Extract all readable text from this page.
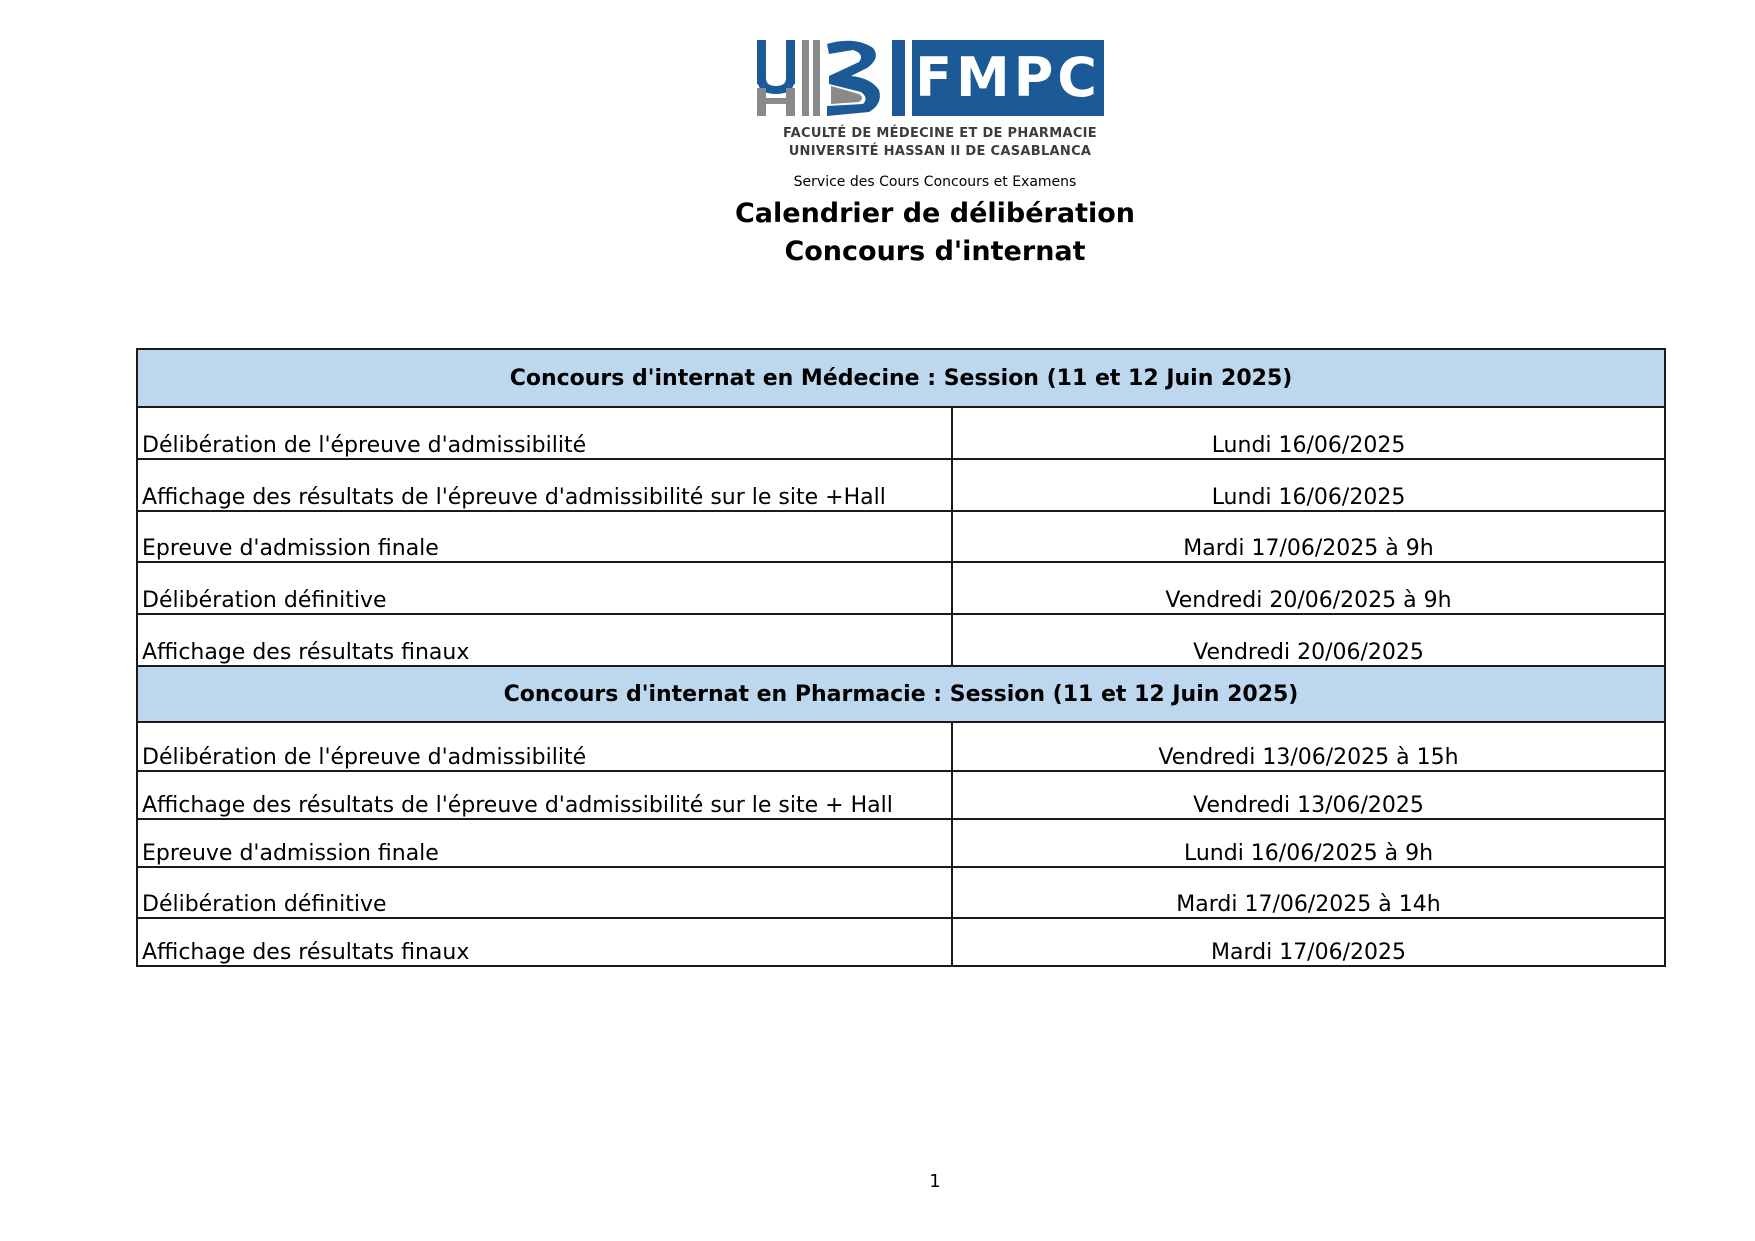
FMPC
FACULTÉ DE MÉDECINE ET DE PHARMACIE
UNIVERSITÉ HASSAN II DE CASABLANCA
Service des Cours Concours et Examens
Calendrier de délibération
Concours d'internat
Concours d'internat en Médecine : Session (11 et 12 Juin 2025)	
Délibération de l'épreuve d'admissibilité	Lundi 16/06/2025
Affichage des résultats de l'épreuve d'admissibilité sur le site +Hall	Lundi 16/06/2025
Epreuve d'admission finale	Mardi 17/06/2025 à 9h
Délibération définitive	Vendredi 20/06/2025 à 9h
Affichage des résultats finaux	Vendredi 20/06/2025
Concours d'internat en Pharmacie : Session (11 et 12 Juin 2025)	
Délibération de l'épreuve d'admissibilité	Vendredi 13/06/2025 à 15h
Affichage des résultats de l'épreuve d'admissibilité sur le site + Hall	Vendredi 13/06/2025
Epreuve d'admission finale	Lundi 16/06/2025 à 9h
Délibération définitive	Mardi 17/06/2025 à 14h
Affichage des résultats finaux	Mardi 17/06/2025
1
